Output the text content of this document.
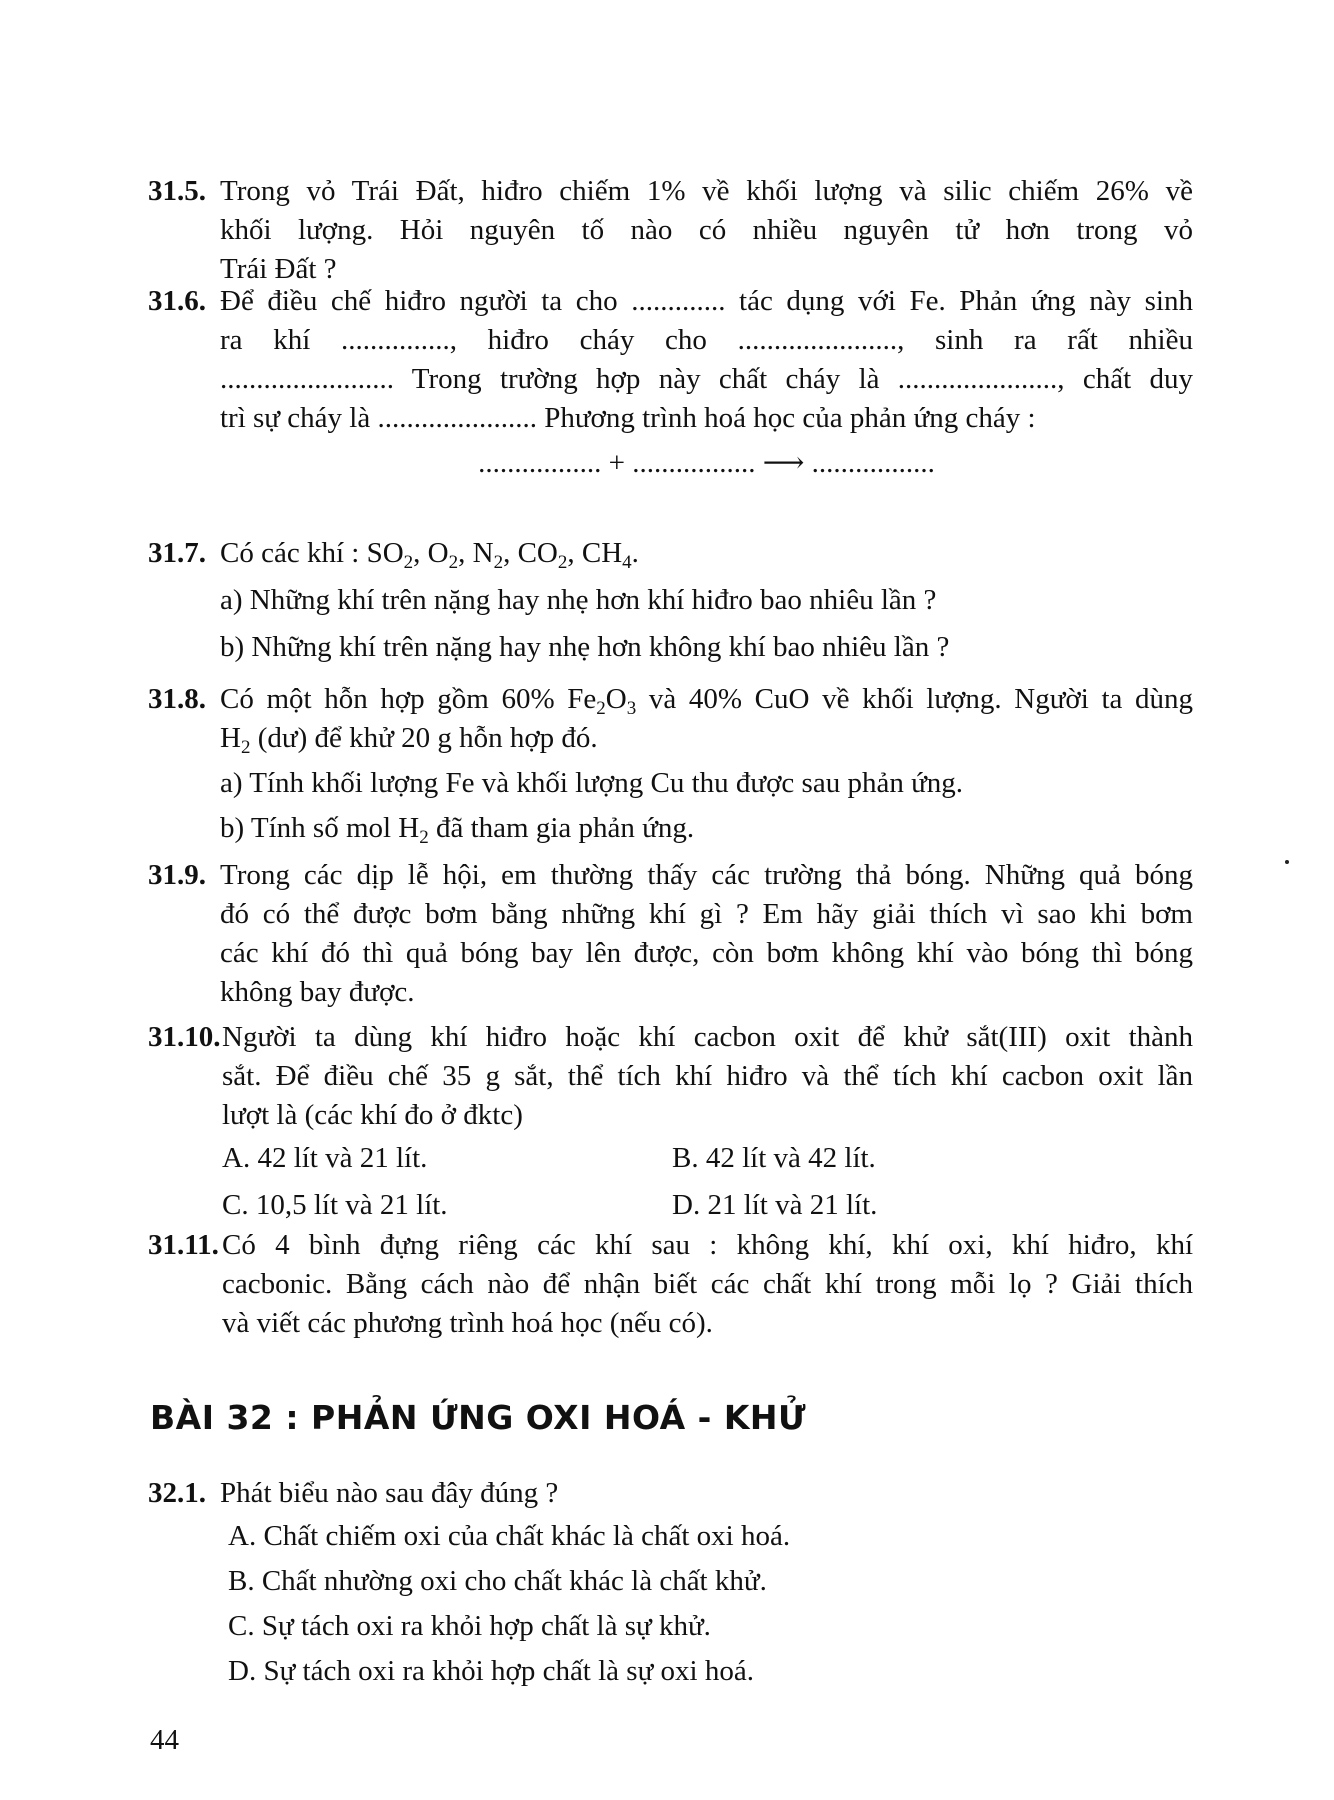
31.5. Trong vỏ Trái Đất, hiđro chiếm 1% về khối lượng và silic chiếm 26% về
khối lượng. Hỏi nguyên tố nào có nhiều nguyên tử hơn trong vỏ
Trái Đất ?
31.6. Để điều chế hiđro người ta cho ............. tác dụng với Fe. Phản ứng này sinh
ra khí ..............., hiđro cháy cho ......................, sinh ra rất nhiều
........................ Trong trường hợp này chất cháy là ......................, chất duy
trì sự cháy là ...................... Phương trình hoá học của phản ứng cháy :
................. + ................. ⟶ .................
31.7. Có các khí : $SO_2$, $O_2$, $N_2$, $CO_2$, $CH_4$.
a) Những khí trên nặng hay nhẹ hơn khí hiđro bao nhiêu lần ?
b) Những khí trên nặng hay nhẹ hơn không khí bao nhiêu lần ?
31.8. Có một hỗn hợp gồm 60% $Fe_2O_3$ và 40% CuO về khối lượng. Người ta dùng
$H_2$ (dư) để khử 20 g hỗn hợp đó.
a) Tính khối lượng Fe và khối lượng Cu thu được sau phản ứng.
b) Tính số mol $H_2$ đã tham gia phản ứng.
31.9. Trong các dịp lễ hội, em thường thấy các trường thả bóng. Những quả bóng
đó có thể được bơm bằng những khí gì ? Em hãy giải thích vì sao khi bơm
các khí đó thì quả bóng bay lên được, còn bơm không khí vào bóng thì bóng
không bay được.
31.10. Người ta dùng khí hiđro hoặc khí cacbon oxit để khử sắt(III) oxit thành
sắt. Để điều chế 35 g sắt, thể tích khí hiđro và thể tích khí cacbon oxit lần
lượt là (các khí đo ở đktc)
A. 42 lít và 21 lít.	B. 42 lít và 42 lít.
C. 10,5 lít và 21 lít.	D. 21 lít và 21 lít.
31.11. Có 4 bình đựng riêng các khí sau : không khí, khí oxi, khí hiđro, khí
cacbonic. Bằng cách nào để nhận biết các chất khí trong mỗi lọ ? Giải thích
và viết các phương trình hoá học (nếu có).
BÀI 32 : PHẢN ỨNG OXI HOÁ - KHỬ
32.1. Phát biểu nào sau đây đúng ?
A. Chất chiếm oxi của chất khác là chất oxi hoá.
B. Chất nhường oxi cho chất khác là chất khử.
C. Sự tách oxi ra khỏi hợp chất là sự khử.
D. Sự tách oxi ra khỏi hợp chất là sự oxi hoá.
44
